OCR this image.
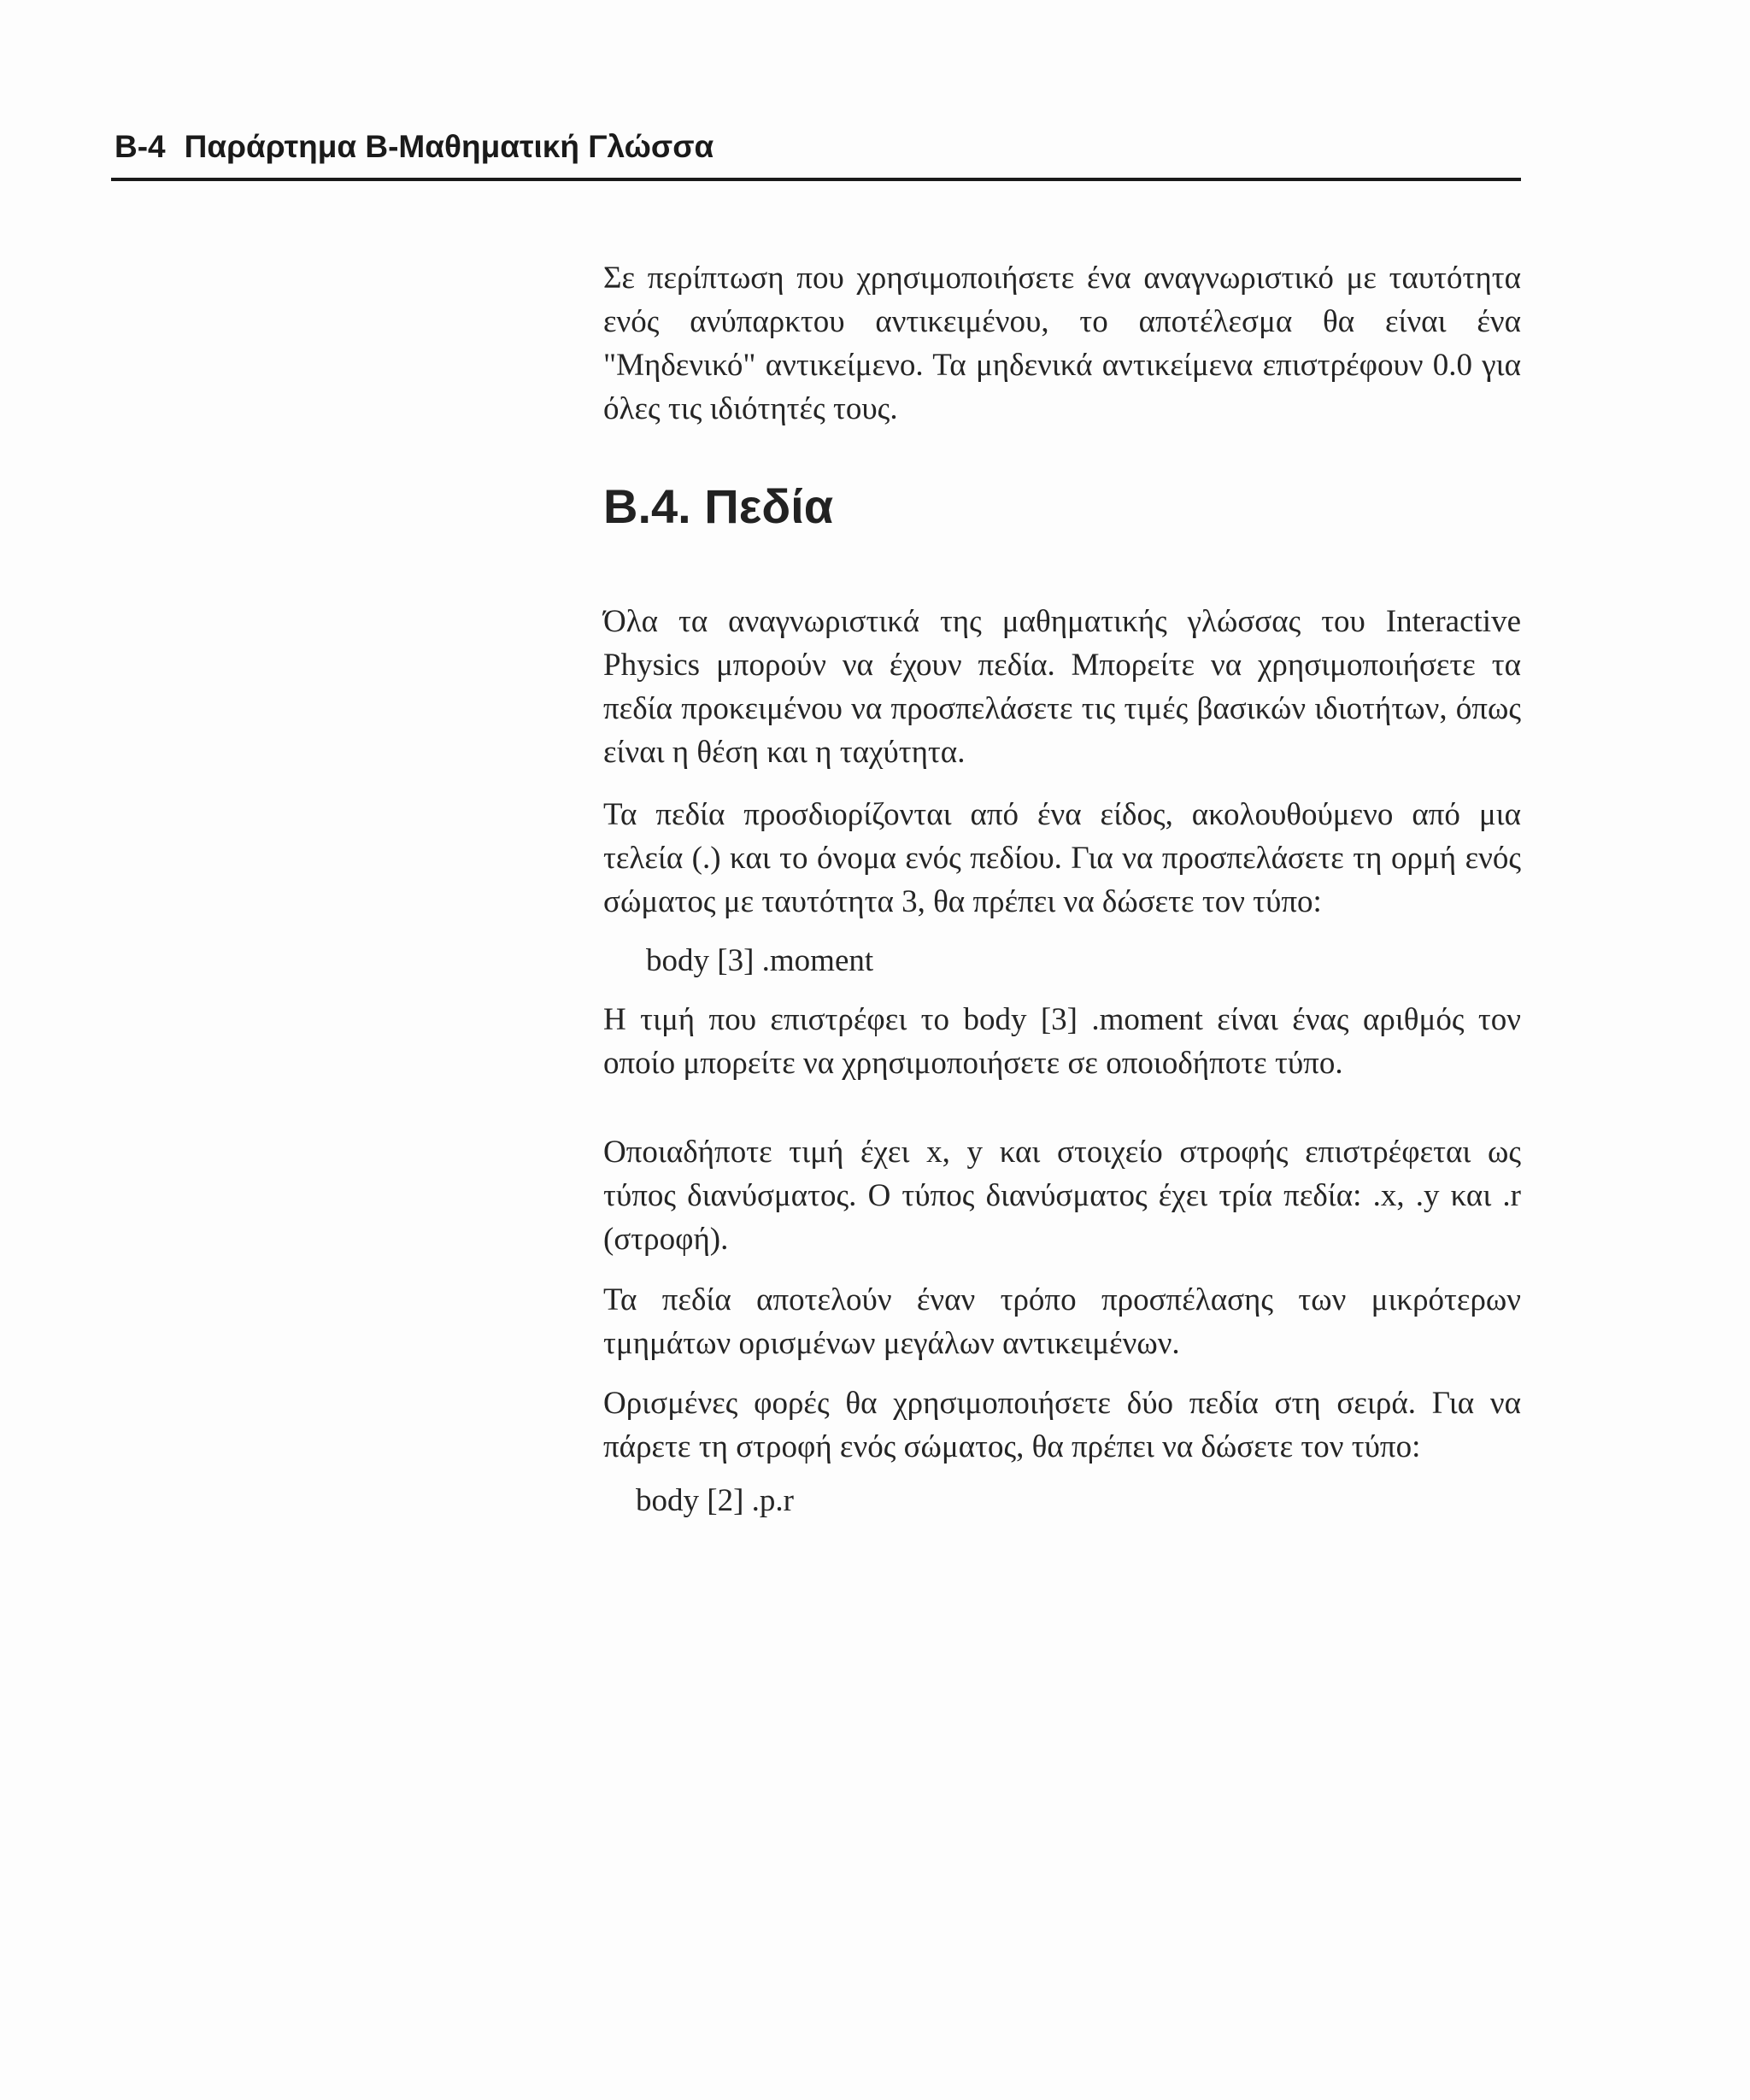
B-4 Παράρτημα B-Μαθηματική Γλώσσα

Σε περίπτωση που χρησιμοποιήσετε ένα αναγνωριστικό με ταυτότητα ενός ανύπαρκτου αντικειμένου, το αποτέλεσμα θα είναι ένα "Μηδενικό" αντικείμενο. Τα μηδενικά αντικείμενα επιστρέφουν 0.0 για όλες τις ιδιότητές τους.

B.4. Πεδία

Όλα τα αναγνωριστικά της μαθηματικής γλώσσας του Interactive Physics μπορούν να έχουν πεδία. Μπορείτε να χρησιμοποιήσετε τα πεδία προκειμένου να προσπελάσετε τις τιμές βασικών ιδιοτήτων, όπως είναι η θέση και η ταχύτητα.

Τα πεδία προσδιορίζονται από ένα είδος, ακολουθούμενο από μια τελεία (.) και το όνομα ενός πεδίου. Για να προσπελάσετε τη ορμή ενός σώματος με ταυτότητα 3, θα πρέπει να δώσετε τον τύπο:

body [3] .moment

Η τιμή που επιστρέφει το body [3] .moment είναι ένας αριθμός τον οποίο μπορείτε να χρησιμοποιήσετε σε οποιοδήποτε τύπο.

Οποιαδήποτε τιμή έχει x, y και στοιχείο στροφής επιστρέφεται ως τύπος διανύσματος. Ο τύπος διανύσματος έχει τρία πεδία: .x, .y και .r (στροφή).

Τα πεδία αποτελούν έναν τρόπο προσπέλασης των μικρότερων τμημάτων ορισμένων μεγάλων αντικειμένων.

Ορισμένες φορές θα χρησιμοποιήσετε δύο πεδία στη σειρά. Για να πάρετε τη στροφή ενός σώματος, θα πρέπει να δώσετε τον τύπο:

body [2] .p.r
